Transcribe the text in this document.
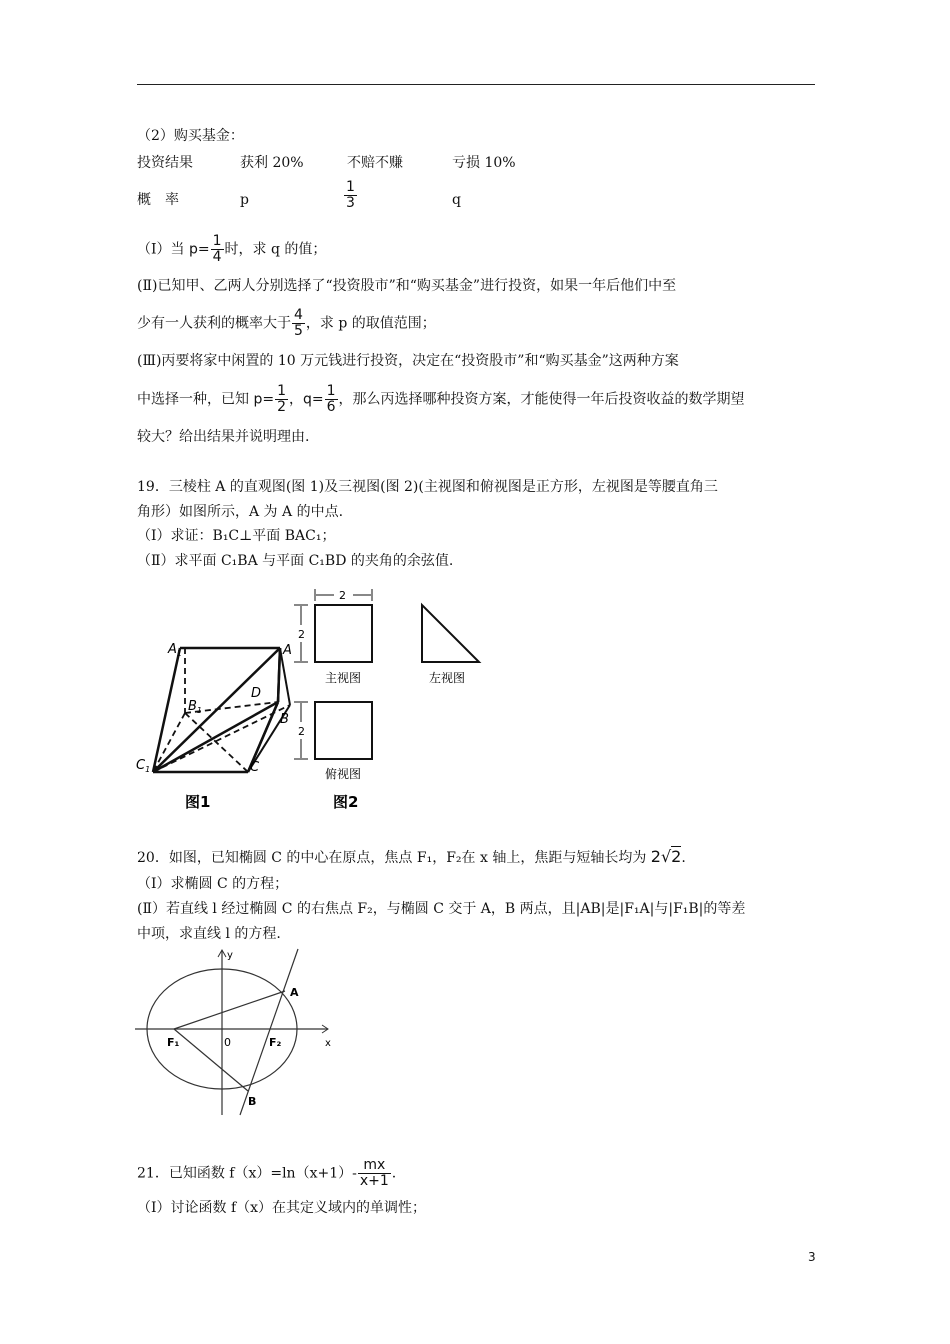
（2）购买基金：
投资结果	获利 20%	不赔不赚	亏损 10%
概　率	p	$\frac{1}{3}$	q
（Ⅰ）当 $p= \frac{1}{4}$ 时，求 q 的值；
(Ⅱ)已知甲、乙两人分别选择了“投资股市”和“购买基金”进行投资，如果一年后他们中至
少有一人获利的概率大于 $\frac{4}{5}$ ，求 p 的取值范围；
(Ⅲ)丙要将家中闲置的 10 万元钱进行投资，决定在“投资股市”和“购买基金”这两种方案
中选择一种，已知 $p= \frac{1}{2}$ ，$q= \frac{1}{6}$ ，那么丙选择哪种投资方案，才能使得一年后投资收益的数学期望
较大？给出结果并说明理由.
19．三棱柱 A 的直观图(图 1)及三视图(图 2)(主视图和俯视图是正方形，左视图是等腰直角三
角形）如图所示，A 为 A 的中点.
（Ⅰ）求证：B₁C⊥平面 BAC₁；
（Ⅱ）求平面 C₁BA 与平面 C₁BD 的夹角的余弦值.
$A_1$	A
D
$B_1$
B
$C_1$	C
图1
2
2
2
主视图	左视图
俯视图
图2
20．如图，已知椭圆 C 的中心在原点，焦点 F₁，F₂在 x 轴上，焦距与短轴长均为 2√2.
（Ⅰ）求椭圆 C 的方程；
(Ⅱ）若直线 l 经过椭圆 C 的右焦点 F₂，与椭圆 C 交于 A，B 两点，且|AB|是|F₁A|与|F₁B|的等差
中项，求直线 l 的方程.
y
x
0
F₁	F₂
A
B
21．已知函数 $f(x)=\ln(x+1)- \frac{mx}{x+1}$ .
（Ⅰ）讨论函数 f（x）在其定义域内的单调性；
3
